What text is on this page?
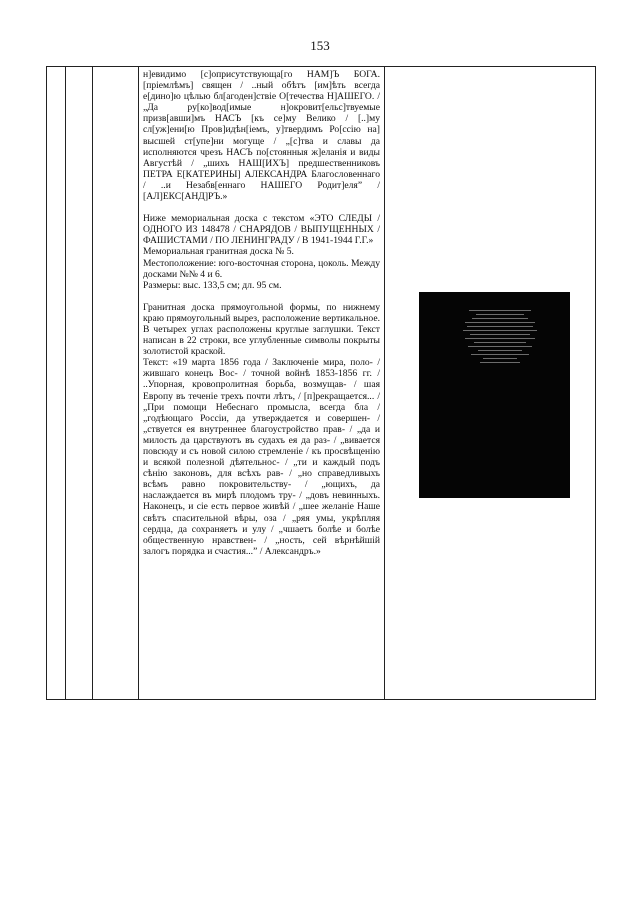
153

н]евидимо [с]оприсутствующа[го НАМ]Ъ БОГА. [прiемлѣмъ] священ / ..ный обѣтъ [им]ѣть всегда е[дино]ю цѣлью бл[агоден]ствiе О[течества Н]АШЕГО. / „Да ру[ко]вод[имые н]окровит[ельс]твуемые призв[авши]мъ НАСЪ [къ се]му Велико / [..]му сл[уж]ени[ю Пров]идѣн[iемъ, у]твердимъ Ро[ссiю на] высшей ст[упе]ни могуще / „[с]тва и славы да исполняются чрезъ НАСЪ по[стоянныя ж]еланiя и виды Августѣй / „шихъ НАШ[ИХЪ] предшественниковъ ПЕТРА Е[КАТЕРИНЫ] АЛЕКСАНДРА Благословеннаго / ..и Незабв[еннаго НАШЕГО Родит]еля” / [АЛ]ЕКС[АНД]РЪ.»

Ниже мемориальная доска с текстом «ЭТО СЛЕДЫ / ОДНОГО ИЗ 148478 / СНАРЯДОВ / ВЫПУЩЕННЫХ / ФАШИСТАМИ / ПО ЛЕНИНГРАДУ / В 1941-1944 Г.Г.»

Мемориальная гранитная доска № 5.

Местоположение: юго-восточная сторона, цоколь. Между досками №№ 4 и 6.

Размеры: выс. 133,5 см; дл. 95 см.

Гранитная доска прямоугольной формы, по нижнему краю прямоугольный вырез, расположение вертикальное. В четырех углах расположены круглые заглушки. Текст написан в 22 строки, все углубленные символы покрыты золотистой краской.

Текст: «19 марта 1856 года / Заключенiе мира, поло- / жившаго конецъ Вос- / точной войнѣ 1853-1856 гг. / ..Упорная, кровопролитная борьба, возмущав- / шая Европу въ теченiе трехъ почти лѣтъ, / [п]рекращается... / „При помощи Небеснаго промысла, всегда бла / „годѣющаго Россiи, да утверждается и совершен- / „ствуется ея внутреннее благоустройство прав- / „да и милость да царствуютъ въ судахъ ея да раз- / „вивается повсюду и съ новой силою стремленiе / къ просвѣщенiю и всякой полезной дѣятельнос- / „ти и каждый подъ сѣнiю законовъ, для всѣхъ рав- / „но справедливыхъ всѣмъ равно покровительству- / „ющихъ, да наслаждается въ мирѣ плодомъ тру- / „довъ невинныхъ. Наконецъ, и сiе есть первое живѣй / „шее желанiе Наше свѣтъ спасительной вѣры, оза / „ряя умы, укрѣпляя сердца, да сохраняетъ и улу / „чшаетъ болѣе и болѣе общественную нравствен- / „ность, сей вѣрнѣйшiй залогъ порядка и счастия...” / Александръ.»
